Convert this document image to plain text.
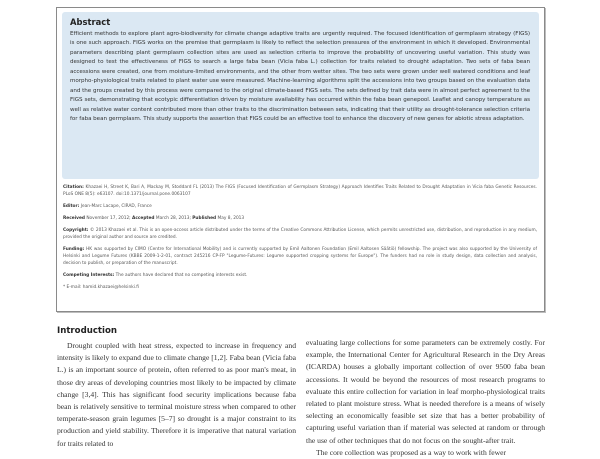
Abstract

Efficient methods to explore plant agro-biodiversity for climate change adaptive traits are urgently required. The focused identification of germplasm strategy (FIGS) is one such approach. FIGS works on the premise that germplasm is likely to reflect the selection pressures of the environment in which it developed. Environmental parameters describing plant germplasm collection sites are used as selection criteria to improve the probability of uncovering useful variation. This study was designed to test the effectiveness of FIGS to search a large faba bean (Vicia faba L.) collection for traits related to drought adaptation. Two sets of faba bean accessions were created, one from moisture-limited environments, and the other from wetter sites. The two sets were grown under well watered conditions and leaf morpho-physiological traits related to plant water use were measured. Machine-learning algorithms split the accessions into two groups based on the evaluation data and the groups created by this process were compared to the original climate-based FIGS sets. The sets defined by trait data were in almost perfect agreement to the FIGS sets, demonstrating that ecotypic differentiation driven by moisture availability has occurred within the faba bean genepool. Leaflet and canopy temperature as well as relative water content contributed more than other traits to the discrimination between sets, indicating that their utility as drought-tolerance selection criteria for faba bean germplasm. This study supports the assertion that FIGS could be an effective tool to enhance the discovery of new genes for abiotic stress adaptation.

Citation: Khazaei H, Street K, Bari A, Mackay M, Stoddard FL (2013) The FIGS (Focused Identification of Germplasm Strategy) Approach Identifies Traits Related to Drought Adaptation in Vicia faba Genetic Resources. PLoS ONE 8(5): e63107. doi:10.1371/journal.pone.0063107
Editor: Jean-Marc Lacape, CIRAD, France
Received November 17, 2012; Accepted March 28, 2013; Published May 8, 2013
Copyright: © 2013 Khazaei et al. This is an open-access article distributed under the terms of the Creative Commons Attribution License, which permits unrestricted use, distribution, and reproduction in any medium, provided the original author and source are credited.
Funding: HK was supported by CIMO (Centre for International Mobility) and is currently supported by Emil Aaltonen Foundation (Emil Aaltosen Säätiö) fellowship. The project was also supported by the University of Helsinki and Legume Futures (KBBE 2009-1-2-01, contract 245216 CP-FP "Legume-Futures: Legume supported cropping systems for Europe"). The funders had no role in study design, data collection and analysis, decision to publish, or preparation of the manuscript.
Competing Interests: The authors have declared that no competing interests exist.
* E-mail: hamid.khazaei@helsinki.fi
Introduction

Drought coupled with heat stress, expected to increase in frequency and intensity is likely to expand due to climate change [1,2]. Faba bean (Vicia faba L.) is an important source of protein, often referred to as poor man's meat, in those dry areas of developing countries most likely to be impacted by climate change [3,4]. This has significant food security implications because faba bean is relatively sensitive to terminal moisture stress when compared to other temperate-season grain legumes [5–7] so drought is a major constraint to its production and yield stability. Therefore it is imperative that natural variation for traits related to

evaluating large collections for some parameters can be extremely costly. For example, the International Center for Agricultural Research in the Dry Areas (ICARDA) houses a globally important collection of over 9500 faba bean accessions. It would be beyond the resources of most research programs to evaluate this entire collection for variation in leaf morpho-physiological traits related to plant moisture stress. What is needed therefore is a means of wisely selecting an economically feasible set size that has a better probability of capturing useful variation than if material was selected at random or through the use of other techniques that do not focus on the sought-after trait.

The core collection was proposed as a way to work with fewer
